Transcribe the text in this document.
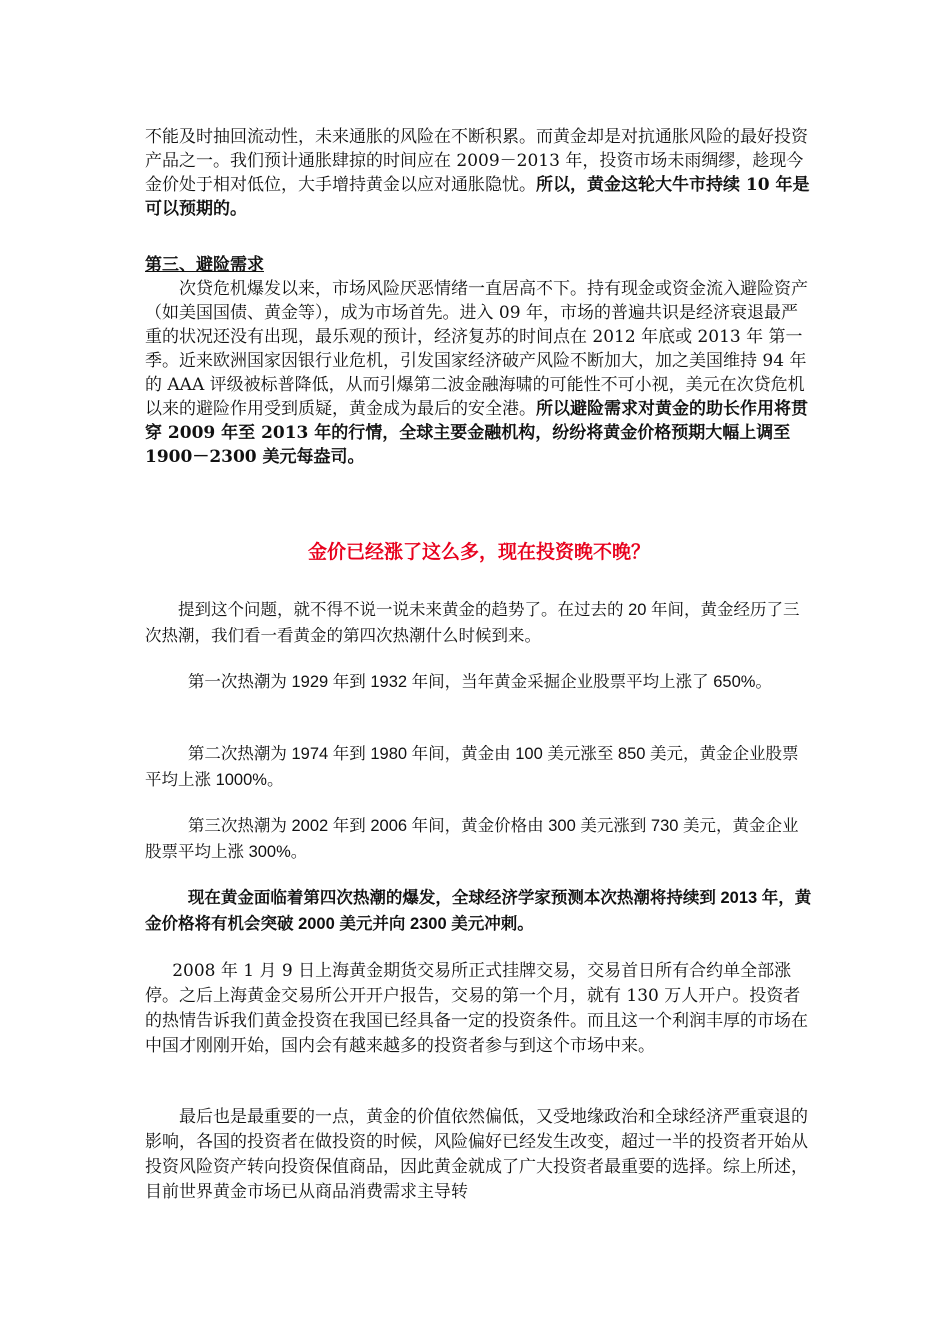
不能及时抽回流动性，未来通胀的风险在不断积累。而黄金却是对抗通胀风险的最好投资产品之一。我们预计通胀肆掠的时间应在 2009－2013 年，投资市场未雨绸缪，趁现今金价处于相对低位，大手增持黄金以应对通胀隐忧。所以，黄金这轮大牛市持续 10 年是可以预期的。
第三、避险需求
次贷危机爆发以来，市场风险厌恶情绪一直居高不下。持有现金或资金流入避险资产（如美国国债、黄金等），成为市场首先。进入 09 年，市场的普遍共识是经济衰退最严重的状况还没有出现，最乐观的预计，经济复苏的时间点在 2012 年底或 2013 年 第一季。近来欧洲国家因银行业危机，引发国家经济破产风险不断加大，加之美国维持 94 年的 AAA 评级被标普降低，从而引爆第二波金融海啸的可能性不可小视，美元在次贷危机以来的避险作用受到质疑，黄金成为最后的安全港。所以避险需求对黄金的助长作用将贯穿 2009 年至 2013 年的行情，全球主要金融机构，纷纷将黄金价格预期大幅上调至 1900－2300 美元每盎司。
金价已经涨了这么多，现在投资晚不晚？
提到这个问题，就不得不说一说未来黄金的趋势了。在过去的 20 年间，黄金经历了三次热潮，我们看一看黄金的第四次热潮什么时候到来。
第一次热潮为 1929 年到 1932 年间，当年黄金采掘企业股票平均上涨了 650%。
第二次热潮为 1974 年到 1980 年间，黄金由 100 美元涨至 850 美元，黄金企业股票平均上涨 1000%。
第三次热潮为 2002 年到 2006 年间，黄金价格由 300 美元涨到 730 美元，黄金企业股票平均上涨 300%。
现在黄金面临着第四次热潮的爆发，全球经济学家预测本次热潮将持续到 2013 年，黄金价格将有机会突破 2000 美元并向 2300 美元冲刺。
2008 年 1 月 9 日上海黄金期货交易所正式挂牌交易，交易首日所有合约单全部涨停。之后上海黄金交易所公开开户报告，交易的第一个月，就有 130 万人开户。投资者的热情告诉我们黄金投资在我国已经具备一定的投资条件。而且这一个利润丰厚的市场在中国才刚刚开始，国内会有越来越多的投资者参与到这个市场中来。
最后也是最重要的一点，黄金的价值依然偏低，又受地缘政治和全球经济严重衰退的影响，各国的投资者在做投资的时候，风险偏好已经发生改变，超过一半的投资者开始从投资风险资产转向投资保值商品，因此黄金就成了广大投资者最重要的选择。综上所述，目前世界黄金市场已从商品消费需求主导转
